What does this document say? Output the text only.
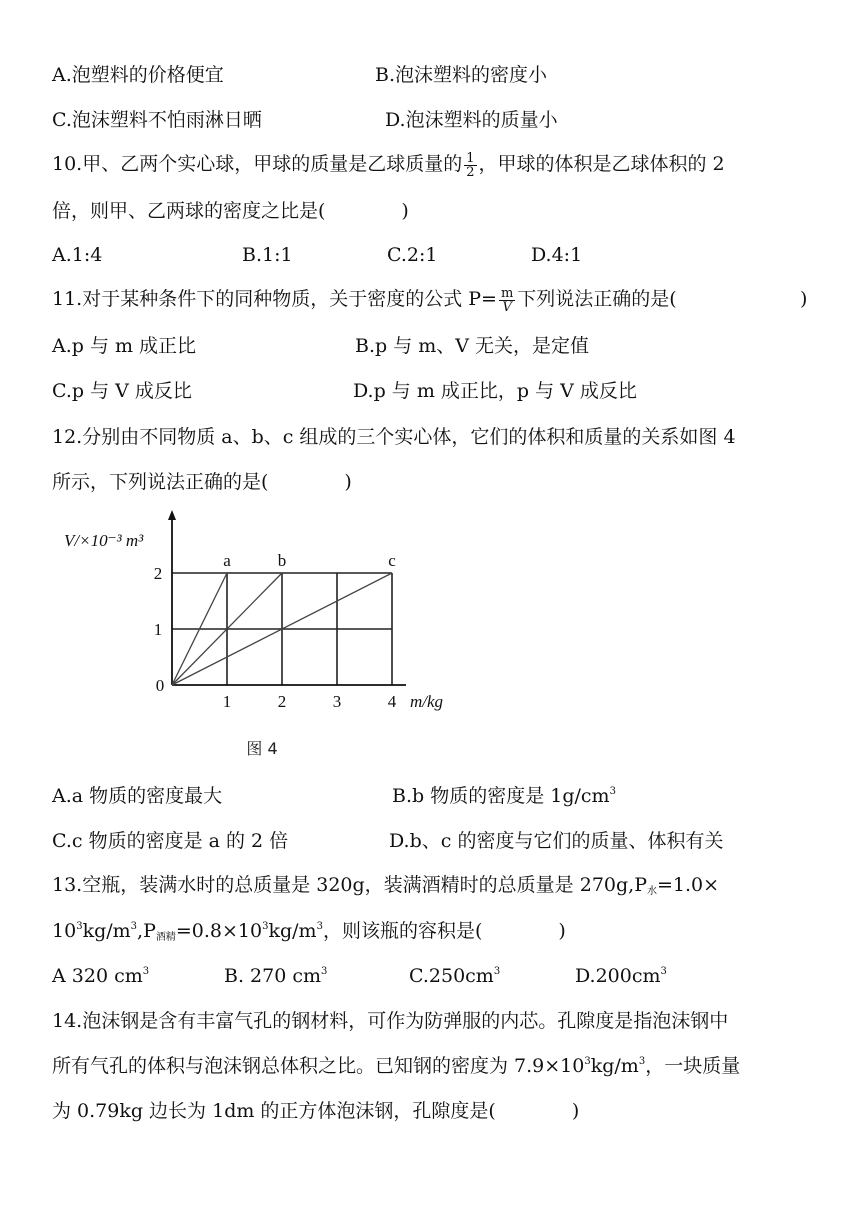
A.泡塑料的价格便宜	B.泡沫塑料的密度小
C.泡沫塑料不怕雨淋日晒	D.泡沫塑料的质量小
10.甲、乙两个实心球，甲球的质量是乙球质量的 $\frac{1}{2}$ ，甲球的体积是乙球体积的 2
倍，则甲、乙两球的密度之比是(　　　　)
A.1:4	B.1:1	C.2:1	D.4:1
11.对于某种条件下的同种物质，关于密度的公式 $P= \frac{m}{V}$ 下列说法正确的是(	)
A.p 与 m 成正比	B.p 与 m、V 无关，是定值
C.p 与 V 成反比	D.p 与 m 成正比，p 与 V 成反比
12.分别由不同物质 a、b、c 组成的三个实心体，它们的体积和质量的关系如图 4
所示，下列说法正确的是(　　　　)
a	b	c
1	2	3	4
1
2
0
V/×10⁻³ m³
m/kg
图 4
A.a 物质的密度最大	B.b 物质的密度是 $1g/cm^3$
C.c 物质的密度是 a 的 2 倍	D.b、c 的密度与它们的质量、体积有关
13.空瓶，装满水时的总质量是 320g，装满酒精时的总质量是 $270g,P_水=1.0\times$
$10^3kg/m^3,P_{酒精}=0.8\times 10^3kg/m^3$，则该瓶的容积是(　　　　)
A 320 $cm^3$	B. 270 $cm^3$	$C.250cm^3$	$D.200cm^3$
14.泡沫钢是含有丰富气孔的钢材料，可作为防弹服的内芯。孔隙度是指泡沫钢中
所有气孔的体积与泡沫钢总体积之比。已知钢的密度为 $7.9\times 10^3kg/m^3$，一块质量
为 0.79kg 边长为 1dm 的正方体泡沫钢，孔隙度是(　　　　)
